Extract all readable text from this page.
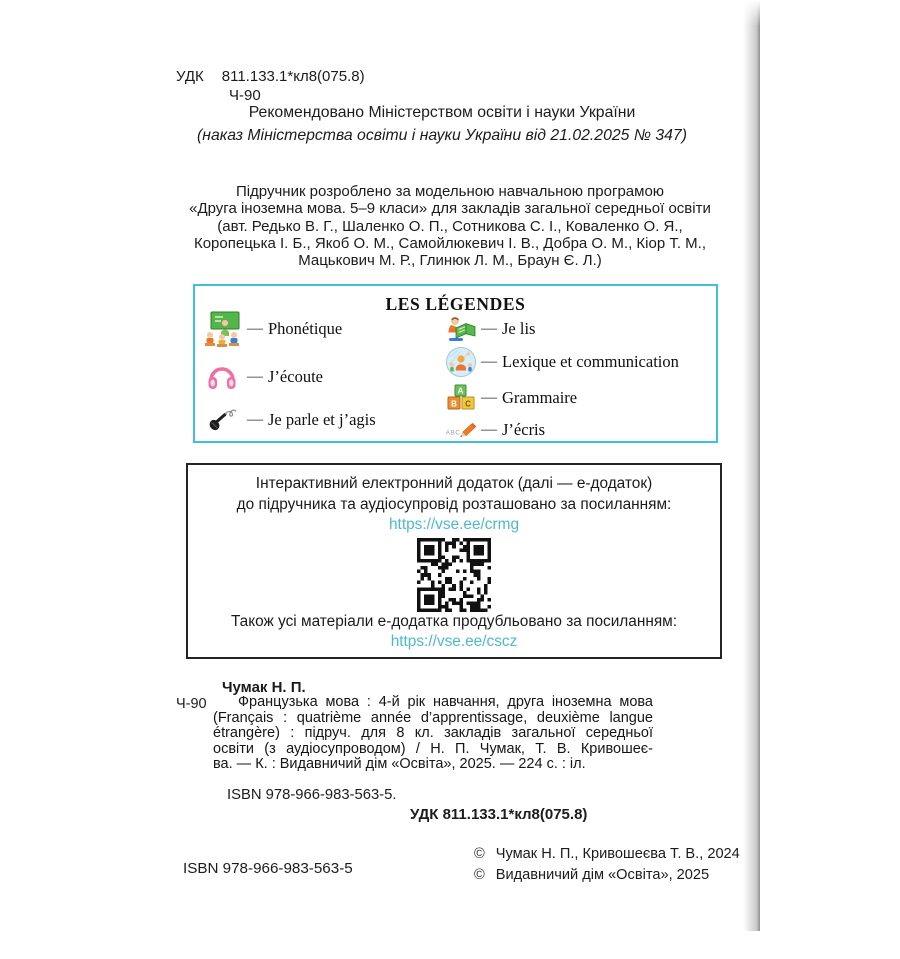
УДК 811.133.1*кл8(075.8)
Ч-90
Рекомендовано Міністерством освіти і науки України
(наказ Міністерства освіти і науки України від 21.02.2025 № 347)
Підручник розроблено за модельною навчальною програмою
«Друга іноземна мова. 5–9 класи» для закладів загальної середньої освіти
(авт. Редько В. Г., Шаленко О. П., Сотникова С. І., Коваленко О. Я.,
Коропецька І. Б., Якоб О. М., Самойлюкевич І. В., Добра О. М., Кіор Т. М.,
Мацькович М. Р., Глинюк Л. М., Браун Є. Л.)
LES LÉGENDES
— Phonétique
— J’écoute
— Je parle et j’agis
— Je lis
— Lexique et communication
A
B C — Grammaire
ABC — J’écris
Інтерактивний електронний додаток (далі — е-додаток)
до підручника та аудіосупровід розташовано за посиланням:
https://vse.ee/crmg
Також усі матеріали е-додатка продубльовано за посиланням:
https://vse.ee/cscz
Чумак Н. П.
Ч-90	Французька мова : 4-й рік навчання, друга іноземна мова
(Français : quatrième année d’apprentissage, deuxième langue
étrangère) : підруч. для 8 кл. закладів загальної середньої
освіти (з аудіосупроводом) / Н. П. Чумак, Т. В. Кривошеє-
ва. — К. : Видавничий дім «Освіта», 2025. — 224 с. : іл.
ISBN 978-966-983-563-5.
УДК 811.133.1*кл8(075.8)
ISBN 978-966-983-563-5
© Чумак Н. П., Кривошеєва Т. В., 2024
© Видавничий дім «Освіта», 2025
